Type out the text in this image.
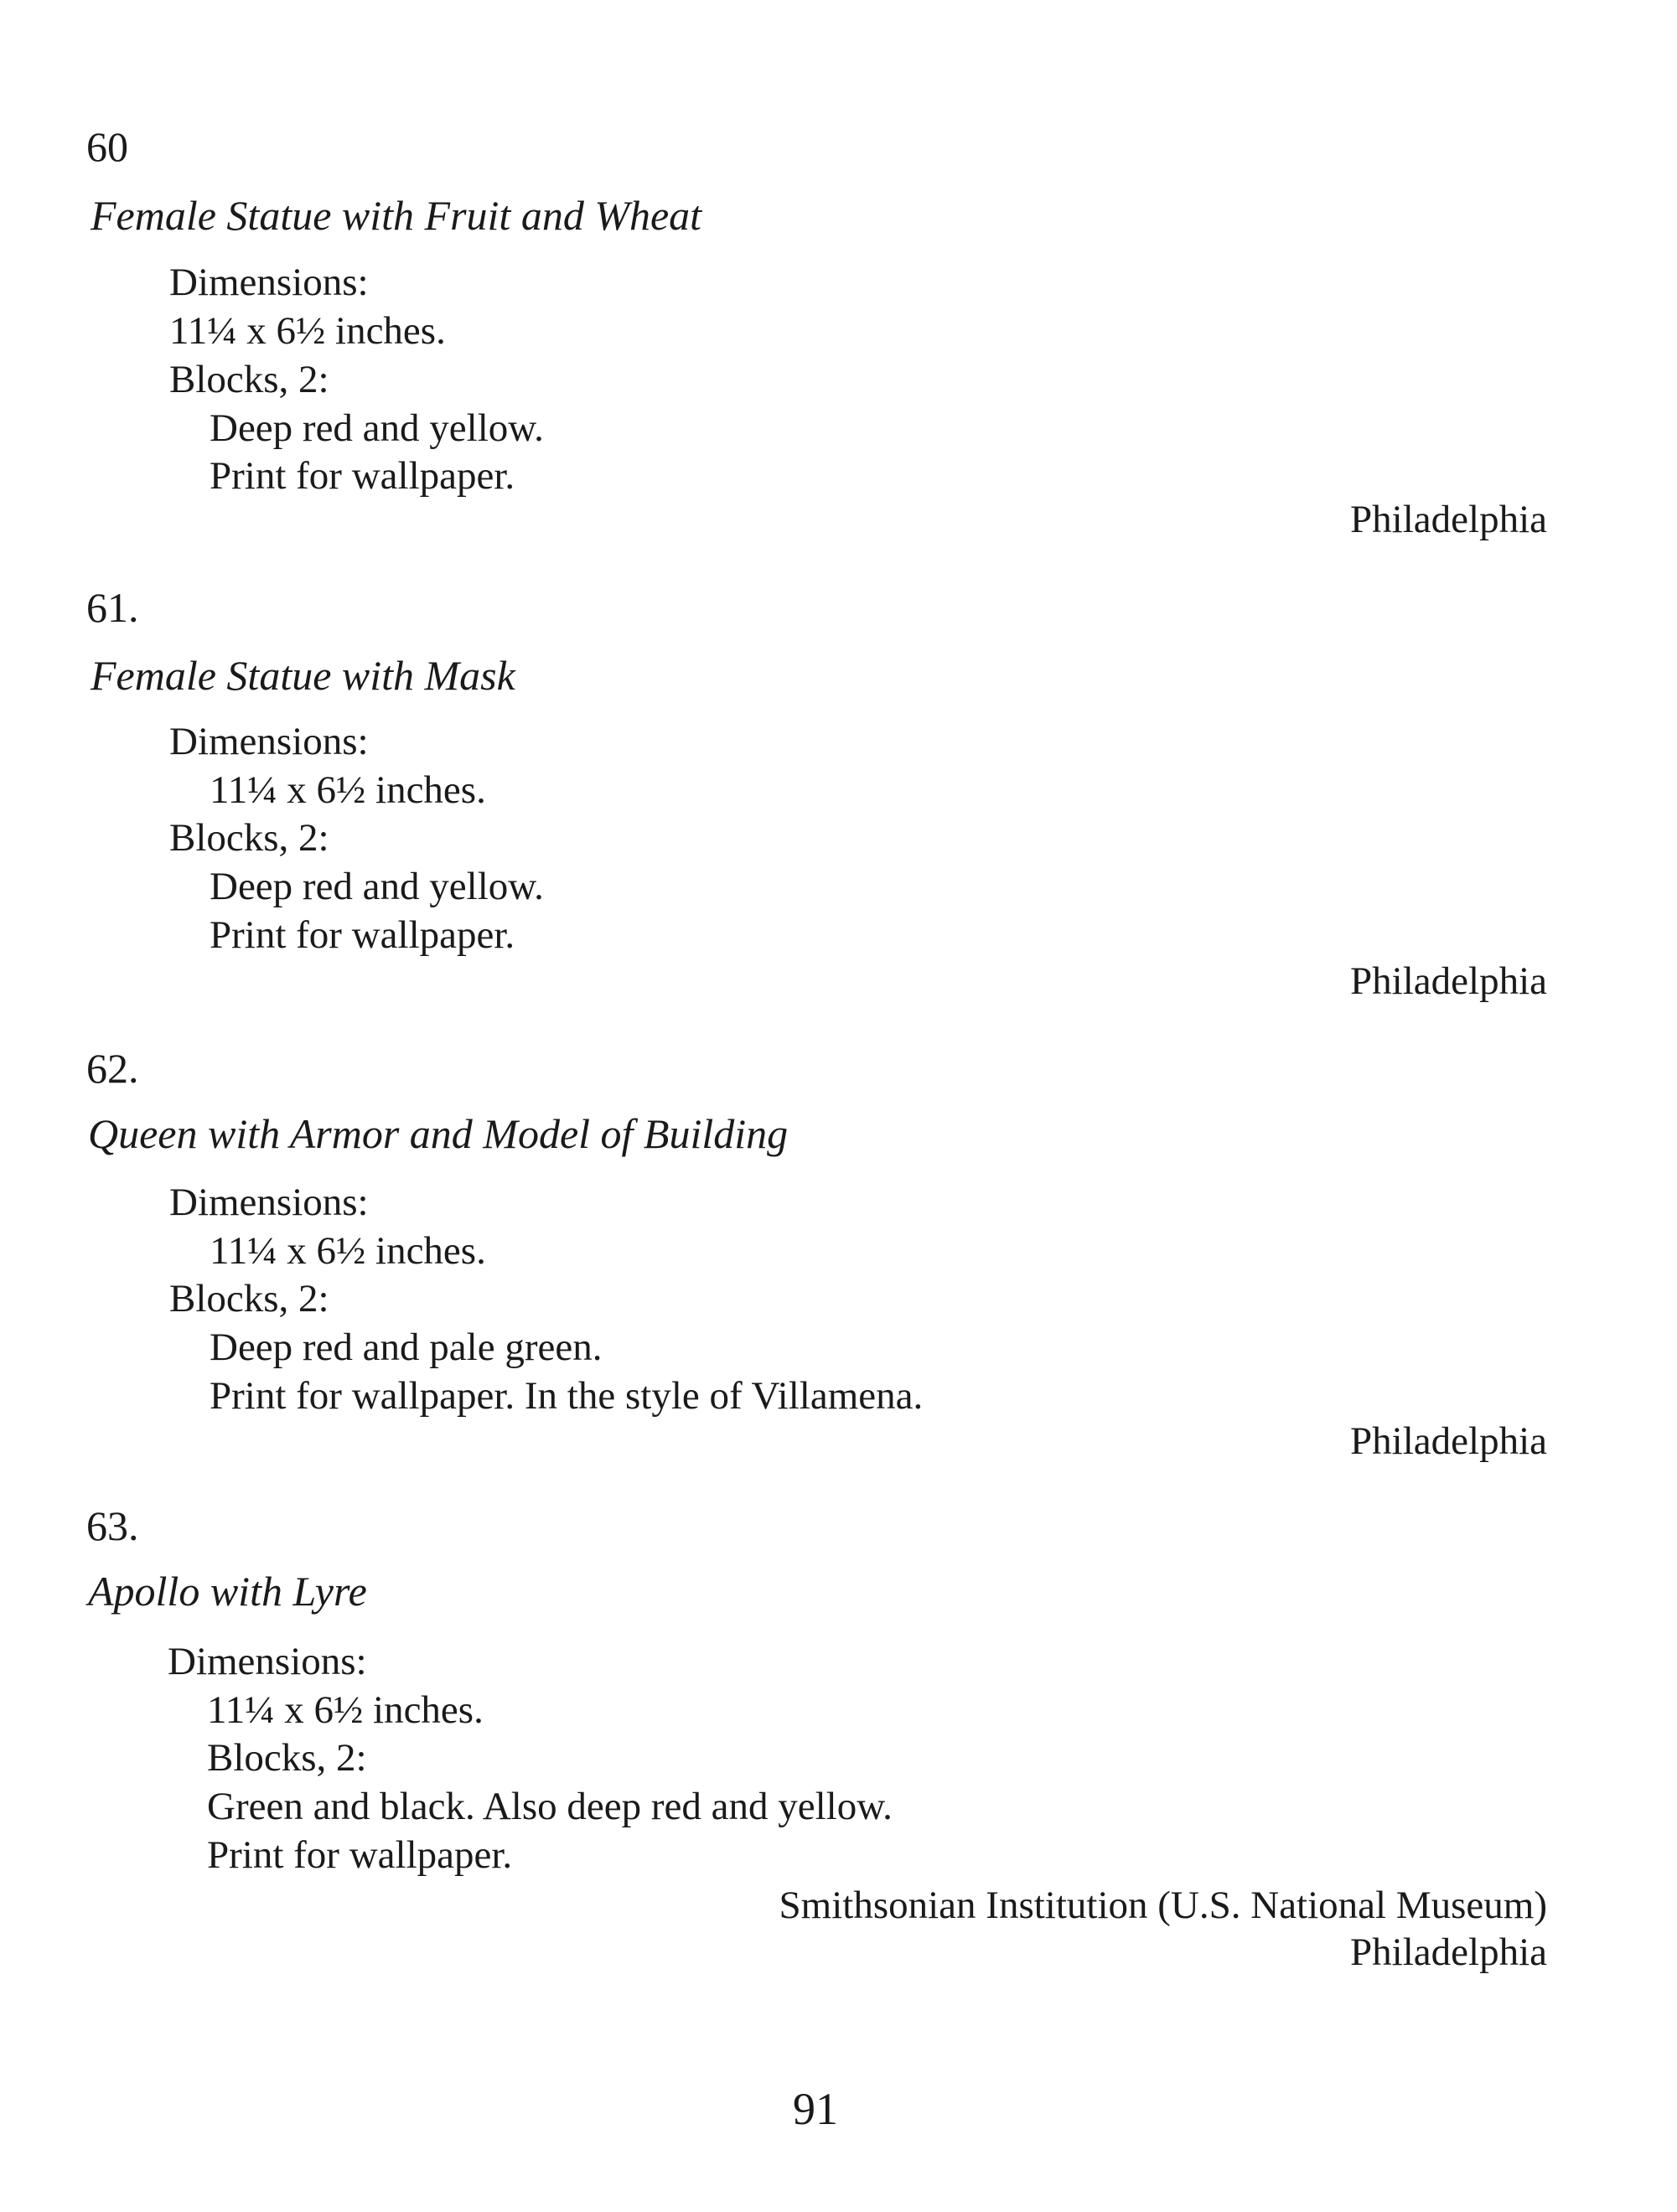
60
Female Statue with Fruit and Wheat
Dimensions:
11¼ x 6½ inches.
Blocks, 2:
Deep red and yellow.
Print for wallpaper.
Philadelphia
61.
Female Statue with Mask
Dimensions:
11¼ x 6½ inches.
Blocks, 2:
Deep red and yellow.
Print for wallpaper.
Philadelphia
62.
Queen with Armor and Model of Building
Dimensions:
11¼ x 6½ inches.
Blocks, 2:
Deep red and pale green.
Print for wallpaper. In the style of Villamena.
Philadelphia
63.
Apollo with Lyre
Dimensions:
11¼ x 6½ inches.
Blocks, 2:
Green and black. Also deep red and yellow.
Print for wallpaper.
Smithsonian Institution (U.S. National Museum)
Philadelphia
91
